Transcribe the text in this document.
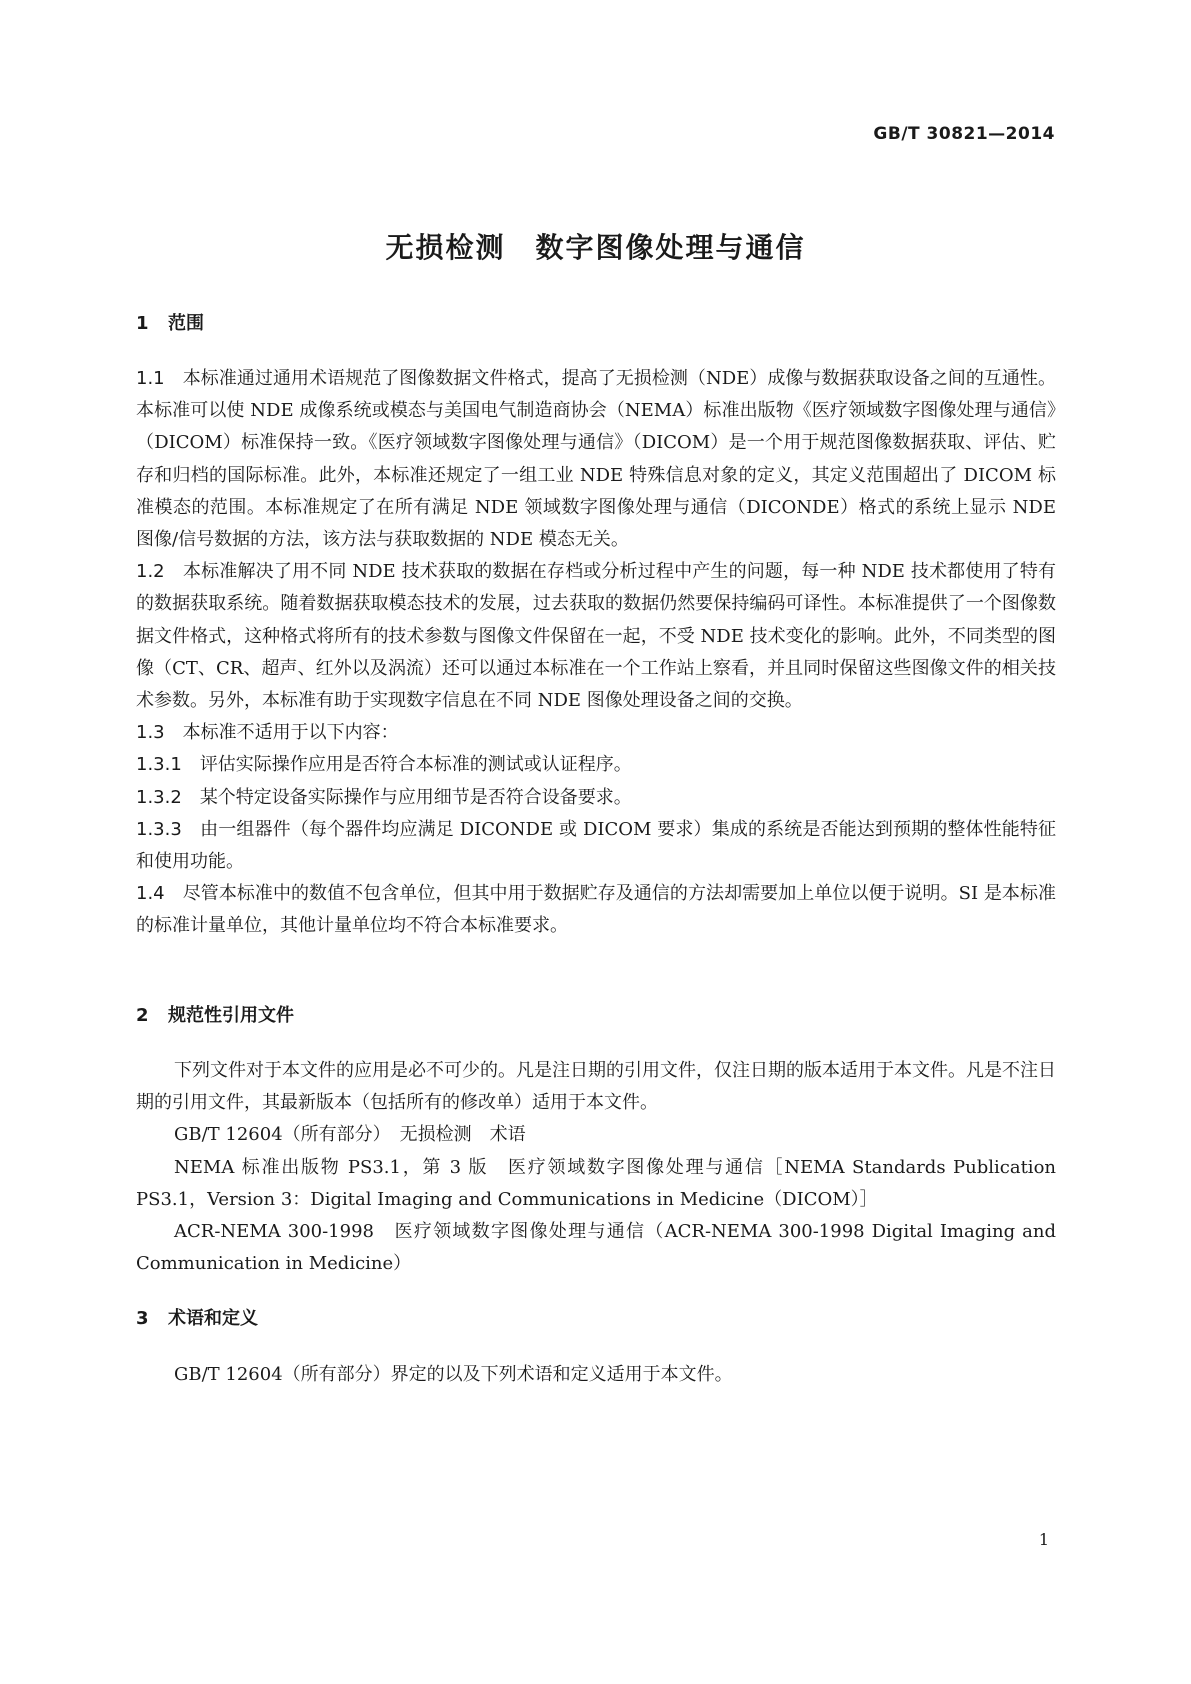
GB/T 30821—2014
无损检测　数字图像处理与通信

1 范围

1.1　 本标准通过通用术语规范了图像数据文件格式，提高了无损检测（NDE）成像与数据获取设备之间的互通性。本标准可以使 NDE 成像系统或模态与美国电气制造商协会（NEMA）标准出版物《医疗领域数字图像处理与通信》（DICOM）标准保持一致。《医疗领域数字图像处理与通信》（DICOM）是一个用于规范图像数据获取、评估、贮存和归档的国际标准。此外，本标准还规定了一组工业 NDE 特殊信息对象的定义，其定义范围超出了 DICOM 标准模态的范围。本标准规定了在所有满足 NDE 领域数字图像处理与通信（DICONDE）格式的系统上显示 NDE 图像/信号数据的方法，该方法与获取数据的 NDE 模态无关。

1.2　 本标准解决了用不同 NDE 技术获取的数据在存档或分析过程中产生的问题，每一种 NDE 技术都使用了特有的数据获取系统。随着数据获取模态技术的发展，过去获取的数据仍然要保持编码可译性。本标准提供了一个图像数据文件格式，这种格式将所有的技术参数与图像文件保留在一起，不受 NDE 技术变化的影响。此外，不同类型的图像（CT、CR、超声、红外以及涡流）还可以通过本标准在一个工作站上察看，并且同时保留这些图像文件的相关技术参数。另外，本标准有助于实现数字信息在不同 NDE 图像处理设备之间的交换。

1.3　 本标准不适用于以下内容：

1.3.1　 评估实际操作应用是否符合本标准的测试或认证程序。

1.3.2　 某个特定设备实际操作与应用细节是否符合设备要求。

1.3.3　 由一组器件（每个器件均应满足 DICONDE 或 DICOM 要求）集成的系统是否能达到预期的整体性能特征和使用功能。

1.4　 尽管本标准中的数值不包含单位，但其中用于数据贮存及通信的方法却需要加上单位以便于说明。SI 是本标准的标准计量单位，其他计量单位均不符合本标准要求。

2 规范性引用文件

下列文件对于本文件的应用是必不可少的。凡是注日期的引用文件，仅注日期的版本适用于本文件。凡是不注日期的引用文件，其最新版本（包括所有的修改单）适用于本文件。

GB/T 12604（所有部分）　无损检测　术语

NEMA 标准出版物 PS3.1，第 3 版　医疗领域数字图像处理与通信［NEMA Standards Publication PS3.1，Version 3：Digital Imaging and Communications in Medicine（DICOM）］

ACR-NEMA 300-1998　医疗领域数字图像处理与通信（ACR-NEMA 300-1998 Digital Imaging and Communication in Medicine）

3 术语和定义

GB/T 12604（所有部分）界定的以及下列术语和定义适用于本文件。

1
